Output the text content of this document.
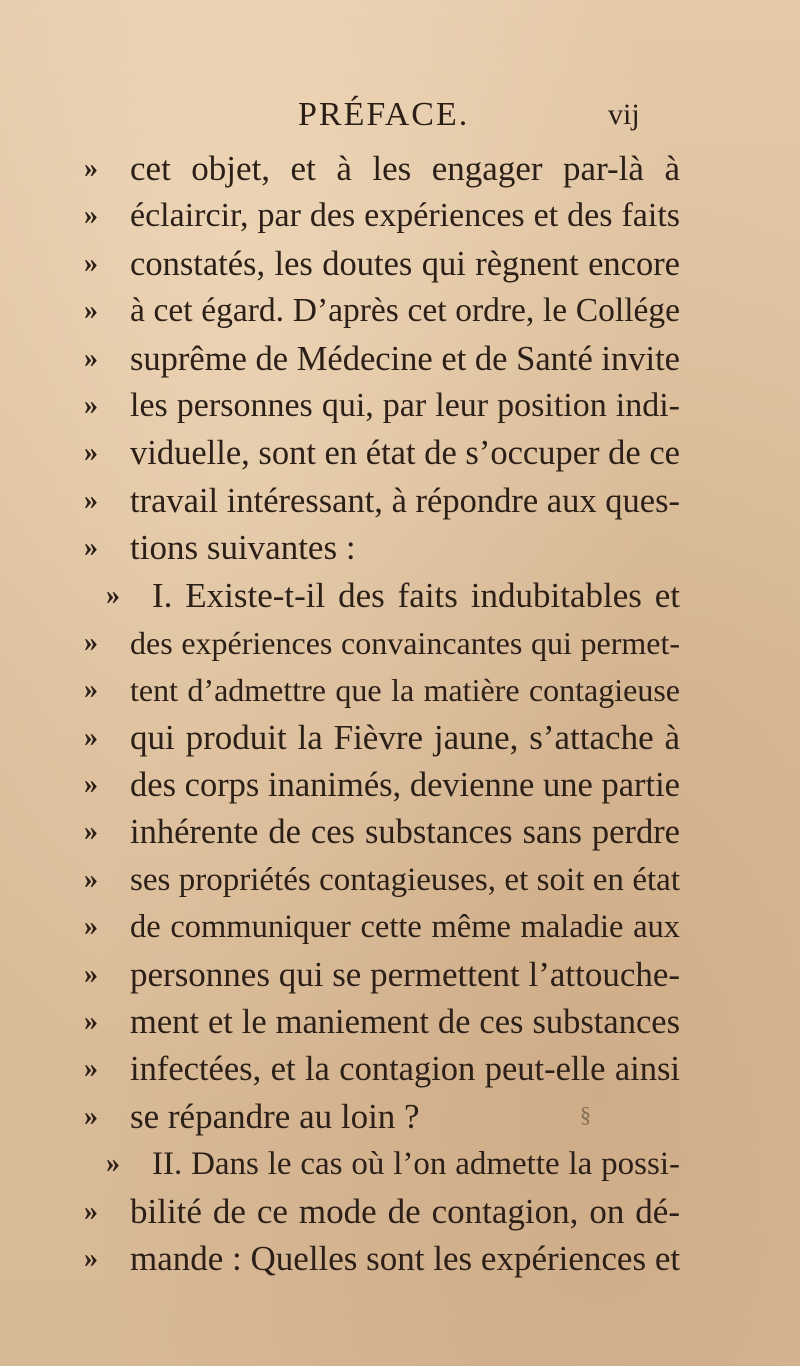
PRÉFACE.	vij
» cet objet, et à les engager par-là à
» éclaircir, par des expériences et des faits
» constatés, les doutes qui règnent encore
» à cet égard. D’après cet ordre, le Collége
» suprême de Médecine et de Santé invite
» les personnes qui, par leur position indi-
» viduelle, sont en état de s’occuper de ce
» travail intéressant, à répondre aux ques-
» tions suivantes :
» I. Existe-t-il des faits indubitables et
» des expériences convaincantes qui permet-
» tent d’admettre que la matière contagieuse
» qui produit la Fièvre jaune, s’attache à
» des corps inanimés, devienne une partie
» inhérente de ces substances sans perdre
» ses propriétés contagieuses, et soit en état
» de communiquer cette même maladie aux
» personnes qui se permettent l’attouche-
» ment et le maniement de ces substances
» infectées, et la contagion peut-elle ainsi
» se répandre au loin ?
» II. Dans le cas où l’on admette la possi-
» bilité de ce mode de contagion, on dé-
» mande : Quelles sont les expériences et
§
